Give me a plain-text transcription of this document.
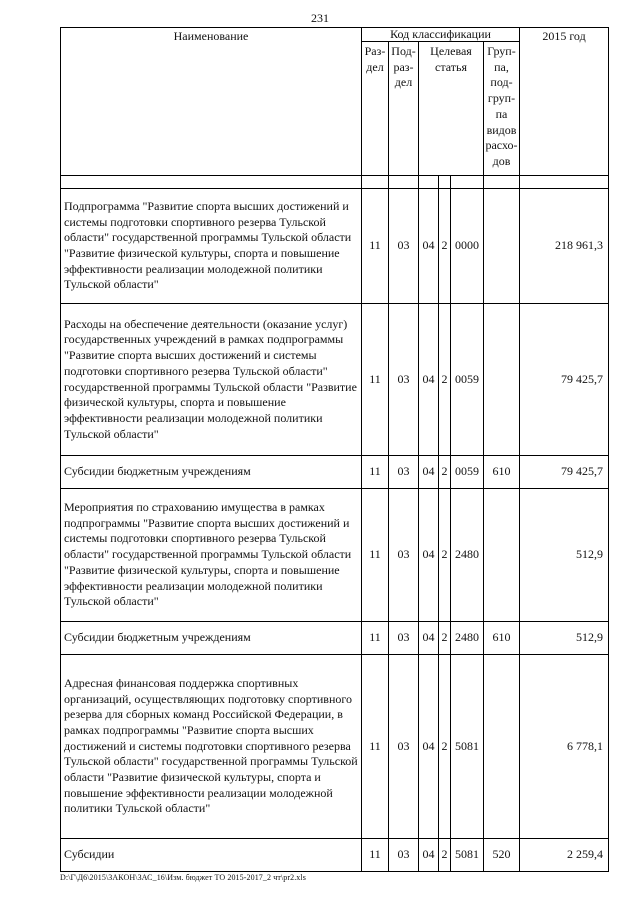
231
Наименование	Код классификации						2015 год
	Раз-дел	Под-раз-дел	Целевая статья			Груп-па, под-груп-па видов расхо-дов	

Подпрограмма "Развитие спорта высших достижений и системы подготовки спортивного резерва Тульской области" государственной программы Тульской области "Развитие физической культуры, спорта и повышение эффективности реализации молодежной политики Тульской области"	11	03	04	2	0000		218 961,3
Расходы на обеспечение деятельности (оказание услуг) государственных учреждений в рамках подпрограммы "Развитие спорта высших достижений и системы подготовки спортивного резерва Тульской области" государственной программы Тульской области "Развитие физической культуры, спорта и повышение эффективности реализации молодежной политики Тульской области"	11	03	04	2	0059		79 425,7
Субсидии бюджетным учреждениям	11	03	04	2	0059	610	79 425,7
Мероприятия по страхованию имущества в рамках подпрограммы "Развитие спорта высших достижений и системы подготовки спортивного резерва Тульской области" государственной программы Тульской области "Развитие физической культуры, спорта и повышение эффективности реализации молодежной политики Тульской области"	11	03	04	2	2480		512,9
Субсидии бюджетным учреждениям	11	03	04	2	2480	610	512,9
Адресная финансовая поддержка спортивных организаций, осуществляющих подготовку спортивного резерва для сборных команд Российской Федерации, в рамках подпрограммы "Развитие спорта высших достижений и системы подготовки спортивного резерва Тульской области" государственной программы Тульской области "Развитие физической культуры, спорта и повышение эффективности реализации молодежной политики Тульской области"	11	03	04	2	5081		6 778,1
Субсидии	11	03	04	2	5081	520	2 259,4
D:\Г\Д6\2015\ЗАКОН\ЗАС_16\Изм. бюджет ТО 2015-2017_2 чт\pr2.xls
